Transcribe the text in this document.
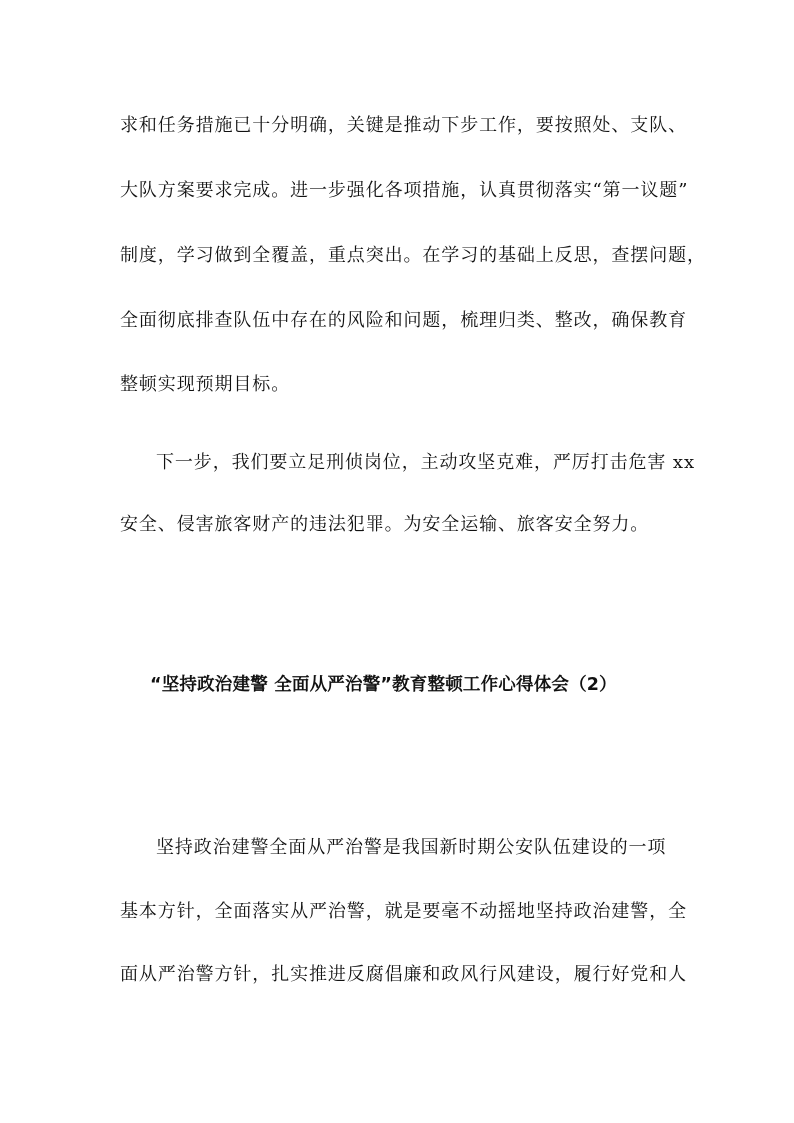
求和任务措施已十分明确，关键是推动下步工作，要按照处、支队、
大队方案要求完成。进一步强化各项措施，认真贯彻落实“第一议题”
制度，学习做到全覆盖，重点突出。在学习的基础上反思，查摆问题，
全面彻底排查队伍中存在的风险和问题，梳理归类、整改，确保教育
整顿实现预期目标。
下一步，我们要立足刑侦岗位，主动攻坚克难，严厉打击危害 xx
安全、侵害旅客财产的违法犯罪。为安全运输、旅客安全努力。
“坚持政治建警 全面从严治警”教育整顿工作心得体会（2）
坚持政治建警全面从严治警是我国新时期公安队伍建设的一项
基本方针，全面落实从严治警，就是要毫不动摇地坚持政治建警，全
面从严治警方针，扎实推进反腐倡廉和政风行风建设，履行好党和人
